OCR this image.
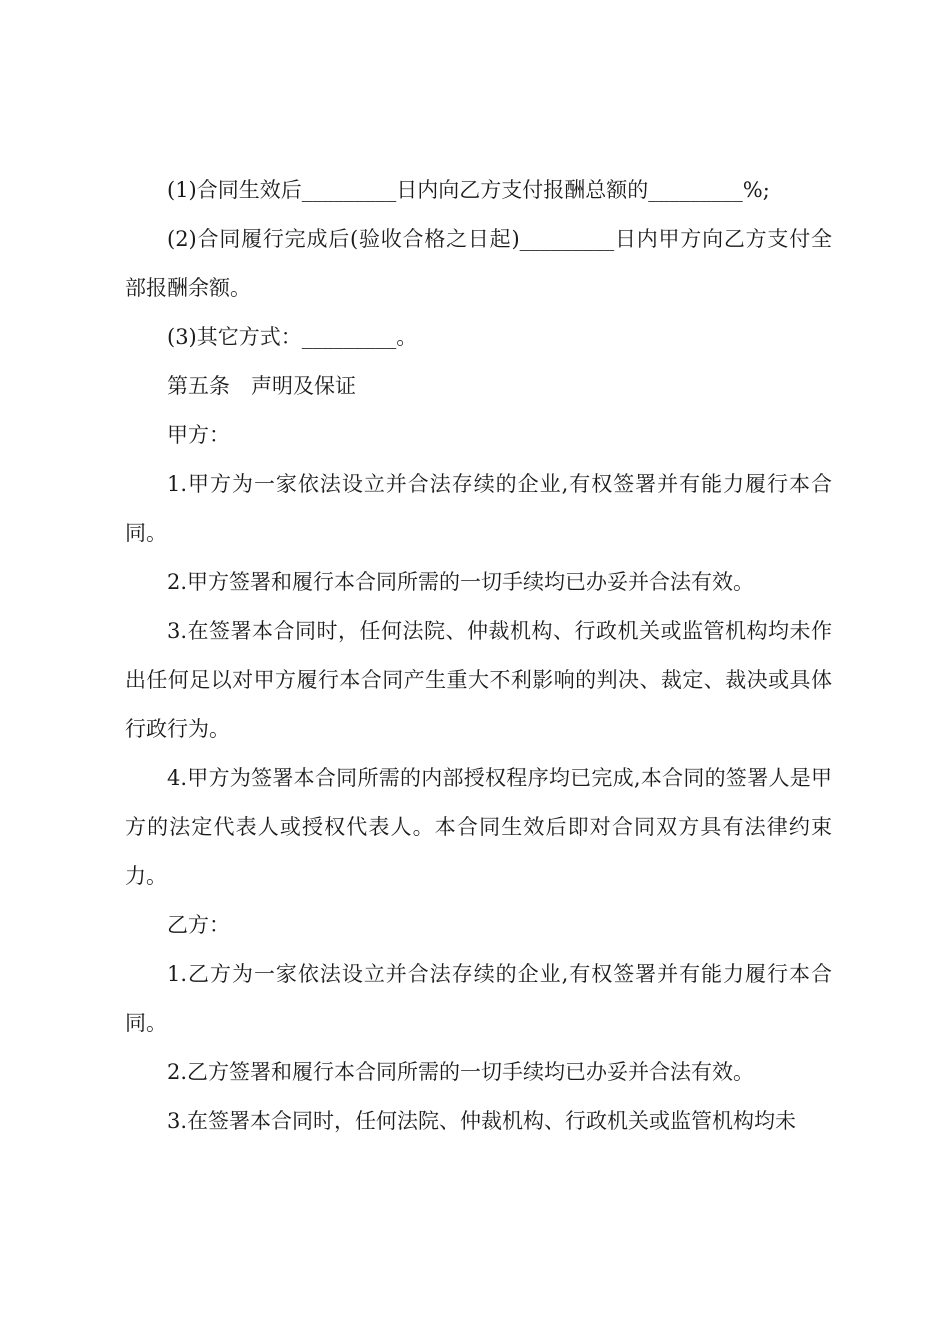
(1)合同生效后_________日内向乙方支付报酬总额的_________%;

(2)合同履行完成后(验收合格之日起)_________日内甲方向乙方支付全部报酬余额。

(3)其它方式：_________。

第五条　声明及保证

甲方：

1.甲方为一家依法设立并合法存续的企业,有权签署并有能力履行本合同。

2.甲方签署和履行本合同所需的一切手续均已办妥并合法有效。

3.在签署本合同时，任何法院、仲裁机构、行政机关或监管机构均未作出任何足以对甲方履行本合同产生重大不利影响的判决、裁定、裁决或具体行政行为。

4.甲方为签署本合同所需的内部授权程序均已完成,本合同的签署人是甲方的法定代表人或授权代表人。本合同生效后即对合同双方具有法律约束力。

乙方：

1.乙方为一家依法设立并合法存续的企业,有权签署并有能力履行本合同。

2.乙方签署和履行本合同所需的一切手续均已办妥并合法有效。

3.在签署本合同时，任何法院、仲裁机构、行政机关或监管机构均未
